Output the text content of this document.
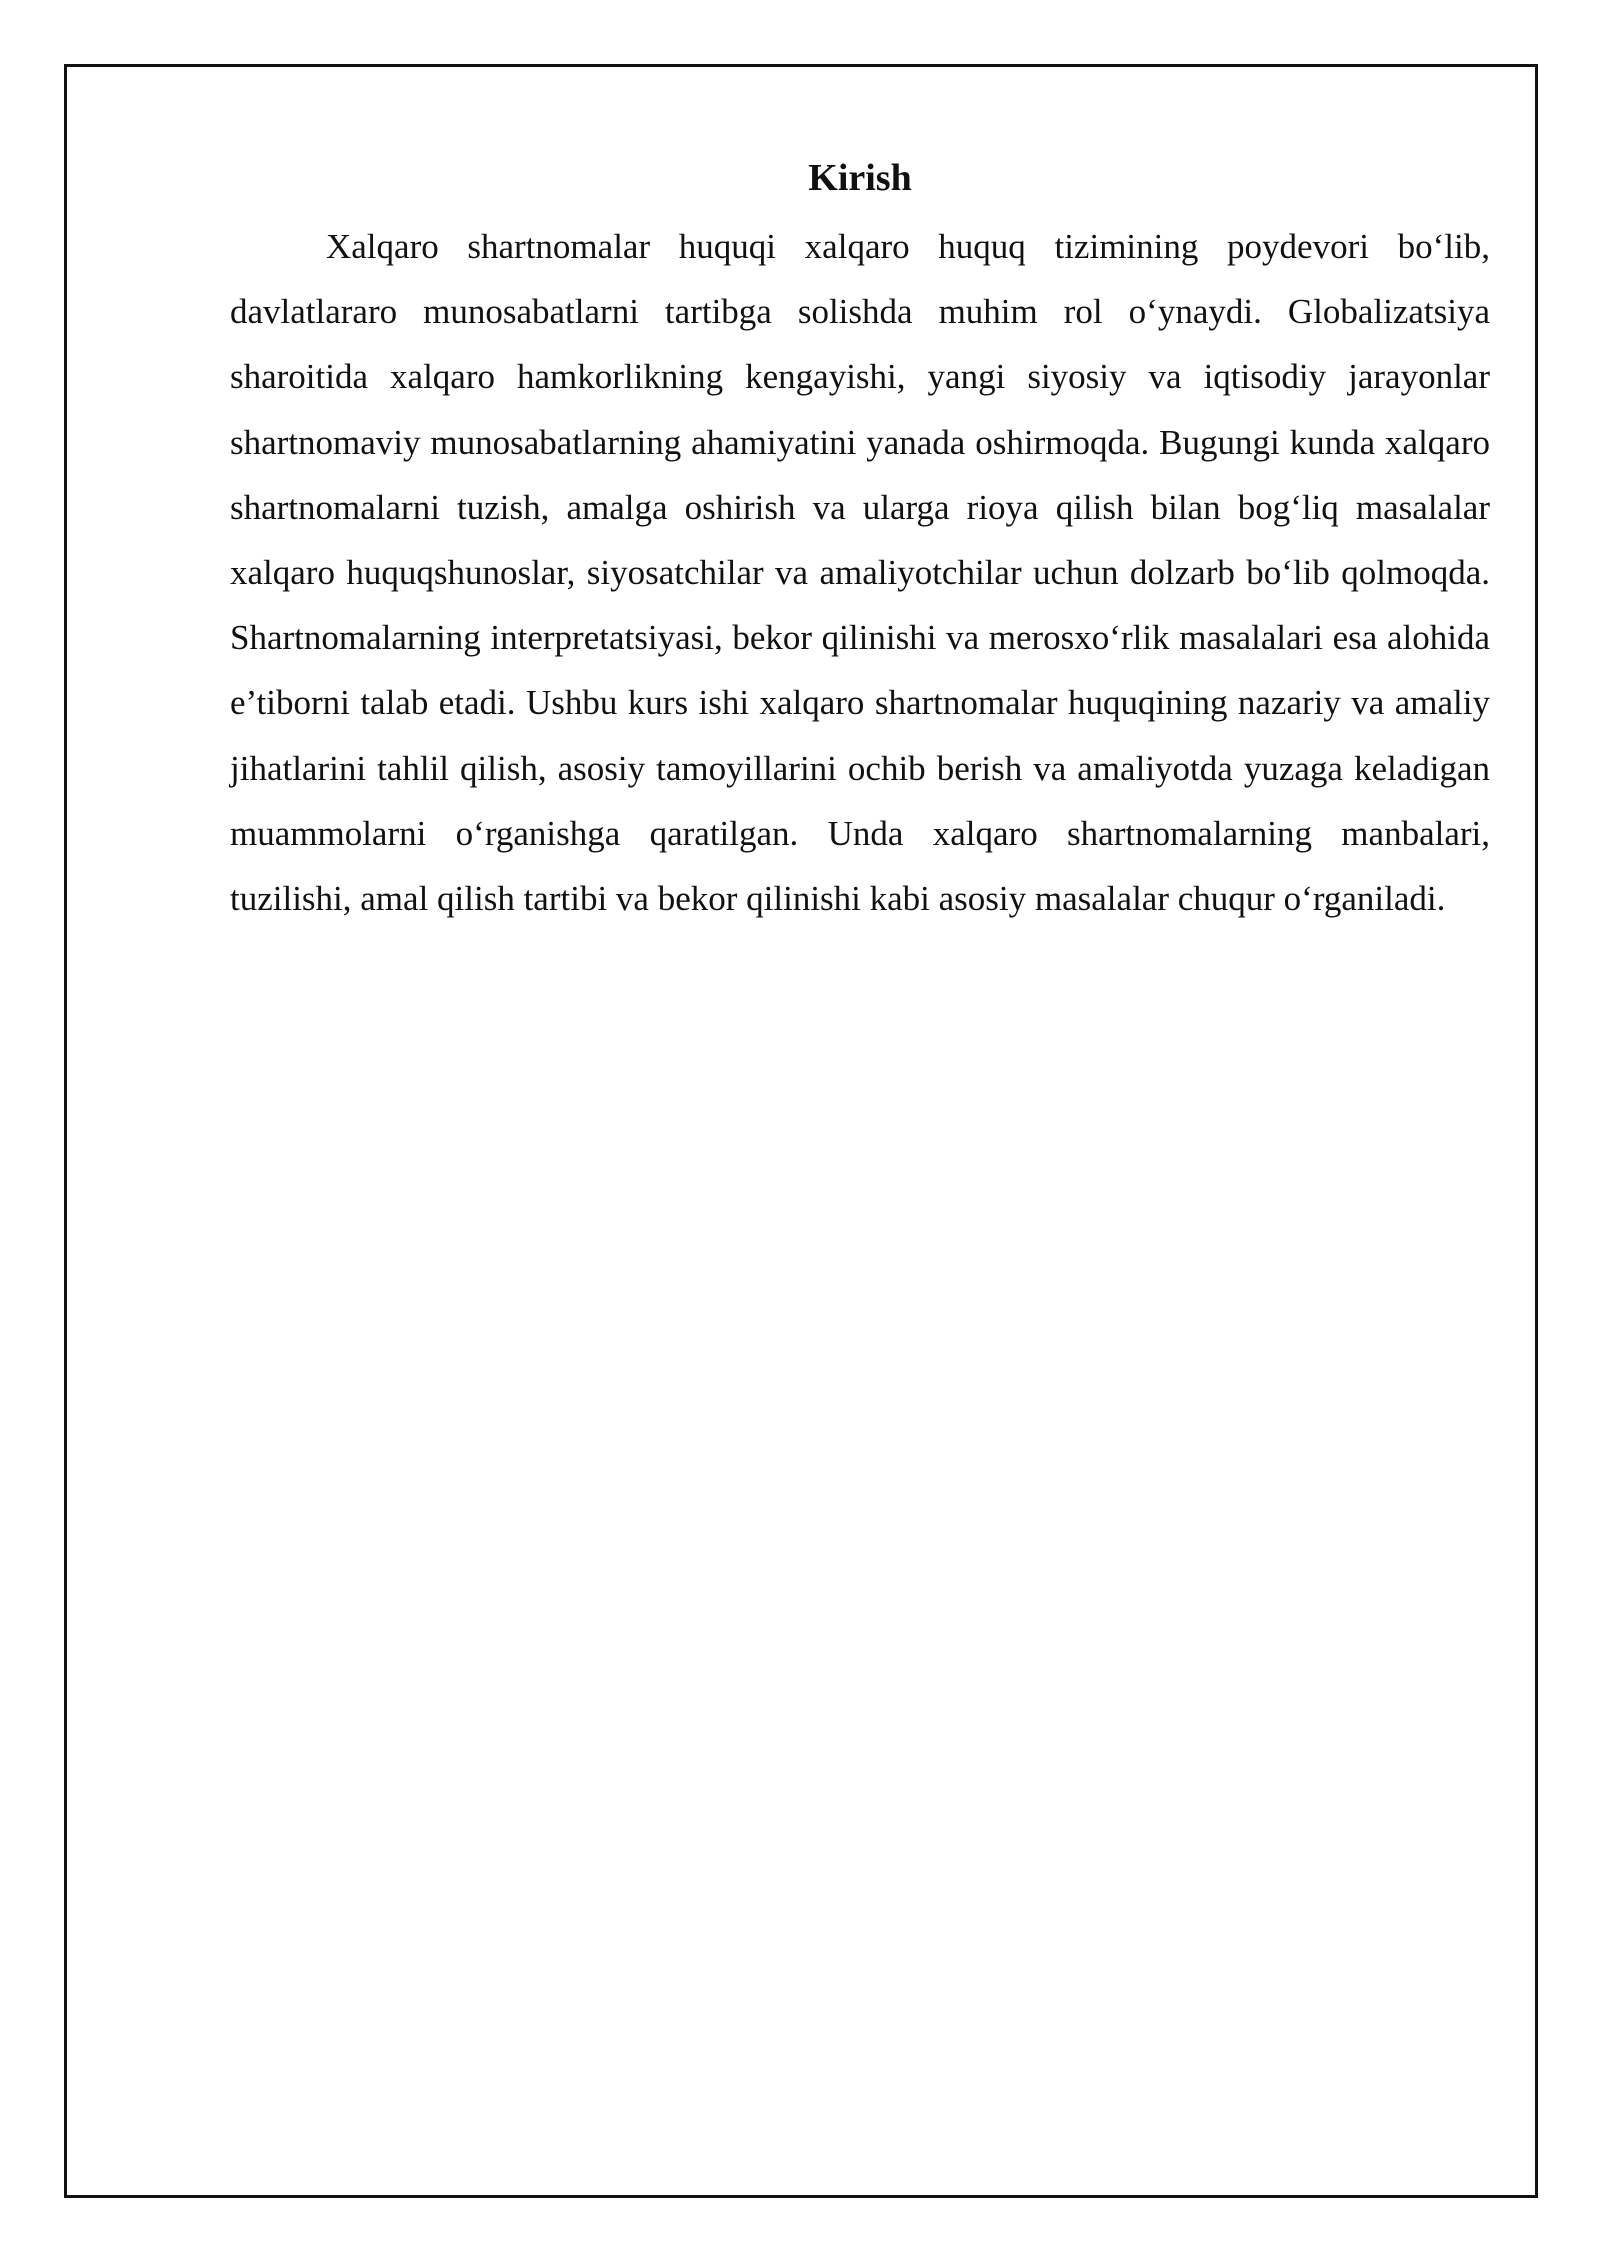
Kirish

Xalqaro shartnomalar huquqi xalqaro huquq tizimining poydevori bo‘lib, davlatlararo munosabatlarni tartibga solishda muhim rol o‘ynaydi. Globalizatsiya sharoitida xalqaro hamkorlikning kengayishi, yangi siyosiy va iqtisodiy jarayonlar shartnomaviy munosabatlarning ahamiyatini yanada oshirmoqda. Bugungi kunda xalqaro shartnomalarni tuzish, amalga oshirish va ularga rioya qilish bilan bog‘liq masalalar xalqaro huquqshunoslar, siyosatchilar va amaliyotchilar uchun dolzarb bo‘lib qolmoqda. Shartnomalarning interpretatsiyasi, bekor qilinishi va merosxo‘rlik masalalari esa alohida e’tiborni talab etadi. Ushbu kurs ishi xalqaro shartnomalar huquqining nazariy va amaliy jihatlarini tahlil qilish, asosiy tamoyillarini ochib berish va amaliyotda yuzaga keladigan muammolarni o‘rganishga qaratilgan. Unda xalqaro shartnomalarning manbalari, tuzilishi, amal qilish tartibi va bekor qilinishi kabi asosiy masalalar chuqur o‘rganiladi.
